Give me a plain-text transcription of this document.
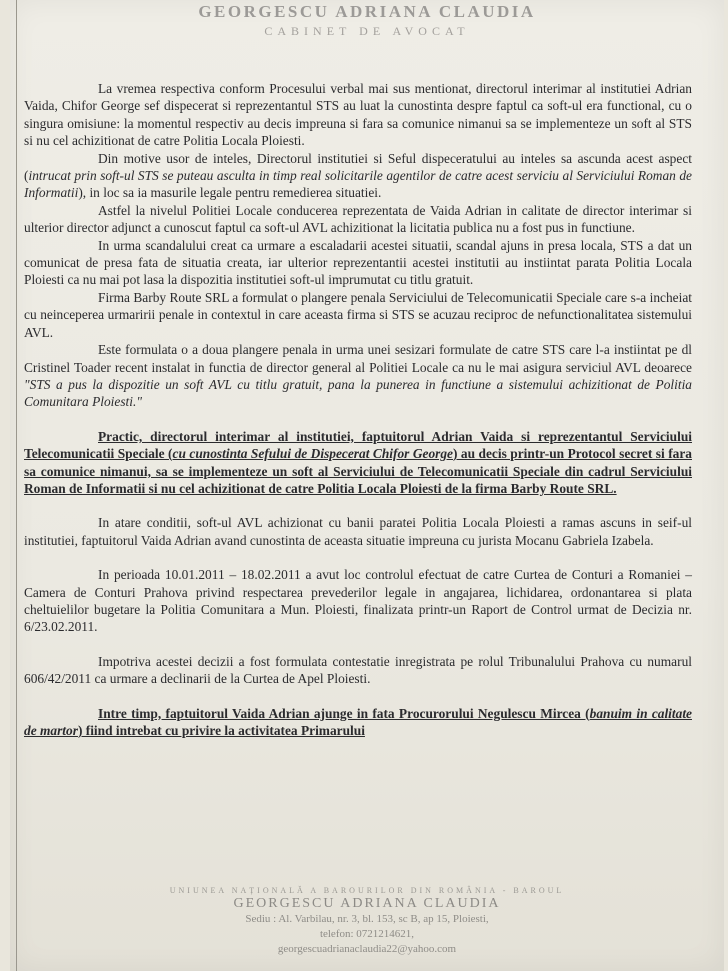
GEORGESCU ADRIANA CLAUDIA
CABINET DE AVOCAT

La vremea respectiva conform Procesului verbal mai sus mentionat, directorul interimar al institutiei Adrian Vaida, Chifor George sef dispecerat si reprezentantul STS au luat la cunostinta despre faptul ca soft-ul era functional, cu o singura omisiune: la momentul respectiv au decis impreuna si fara sa comunice nimanui sa se implementeze un soft al STS si nu cel achizitionat de catre Politia Locala Ploiesti.

Din motive usor de inteles, Directorul institutiei si Seful dispeceratului au inteles sa ascunda acest aspect (intrucat prin soft-ul STS se puteau asculta in timp real solicitarile agentilor de catre acest serviciu al Serviciului Roman de Informatii), in loc sa ia masurile legale pentru remedierea situatiei.

Astfel la nivelul Politiei Locale conducerea reprezentata de Vaida Adrian in calitate de director interimar si ulterior director adjunct a cunoscut faptul ca soft-ul AVL achizitionat la licitatia publica nu a fost pus in functiune.

In urma scandalului creat ca urmare a escaladarii acestei situatii, scandal ajuns in presa locala, STS a dat un comunicat de presa fata de situatia creata, iar ulterior reprezentantii acestei institutii au instiintat parata Politia Locala Ploiesti ca nu mai pot lasa la dispozitia institutiei soft-ul imprumutat cu titlu gratuit.

Firma Barby Route SRL a formulat o plangere penala Serviciului de Telecomunicatii Speciale care s-a incheiat cu neinceperea urmaririi penale in contextul in care aceasta firma si STS se acuzau reciproc de nefunctionalitatea sistemului AVL.

Este formulata o a doua plangere penala in urma unei sesizari formulate de catre STS care l-a instiintat pe dl Cristinel Toader recent instalat in functia de director general al Politiei Locale ca nu le mai asigura serviciul AVL deoarece "STS a pus la dispozitie un soft AVL cu titlu gratuit, pana la punerea in functiune a sistemului achizitionat de Politia Comunitara Ploiesti."

Practic, directorul interimar al institutiei, faptuitorul Adrian Vaida si reprezentantul Serviciului Telecomunicatii Speciale (cu cunostinta Sefului de Dispecerat Chifor George) au decis printr-un Protocol secret si fara sa comunice nimanui, sa se implementeze un soft al Serviciului de Telecomunicatii Speciale din cadrul Serviciului Roman de Informatii si nu cel achizitionat de catre Politia Locala Ploiesti de la firma Barby Route SRL.

In atare conditii, soft-ul AVL achizionat cu banii paratei Politia Locala Ploiesti a ramas ascuns in seif-ul institutiei, faptuitorul Vaida Adrian avand cunostinta de aceasta situatie impreuna cu jurista Mocanu Gabriela Izabela.

In perioada 10.01.2011 – 18.02.2011 a avut loc controlul efectuat de catre Curtea de Conturi a Romaniei – Camera de Conturi Prahova privind respectarea prevederilor legale in angajarea, lichidarea, ordonantarea si plata cheltuielilor bugetare la Politia Comunitara a Mun. Ploiesti, finalizata printr-un Raport de Control urmat de Decizia nr. 6/23.02.2011.

Impotriva acestei decizii a fost formulata contestatie inregistrata pe rolul Tribunalului Prahova cu numarul 606/42/2011 ca urmare a declinarii de la Curtea de Apel Ploiesti.

Intre timp, faptuitorul Vaida Adrian ajunge in fata Procurorului Negulescu Mircea (banuim in calitate de martor) fiind intrebat cu privire la activitatea Primarului

UNIUNEA NAȚIONALĂ A BAROURILOR DIN ROMÂNIA - BAROUL
GEORGESCU ADRIANA CLAUDIA
Sediu : Al. Varbilau, nr. 3, bl. 153, sc B, ap 15, Ploiesti,
telefon: 0721214621,
georgescuadrianaclaudia22@yahoo.com
